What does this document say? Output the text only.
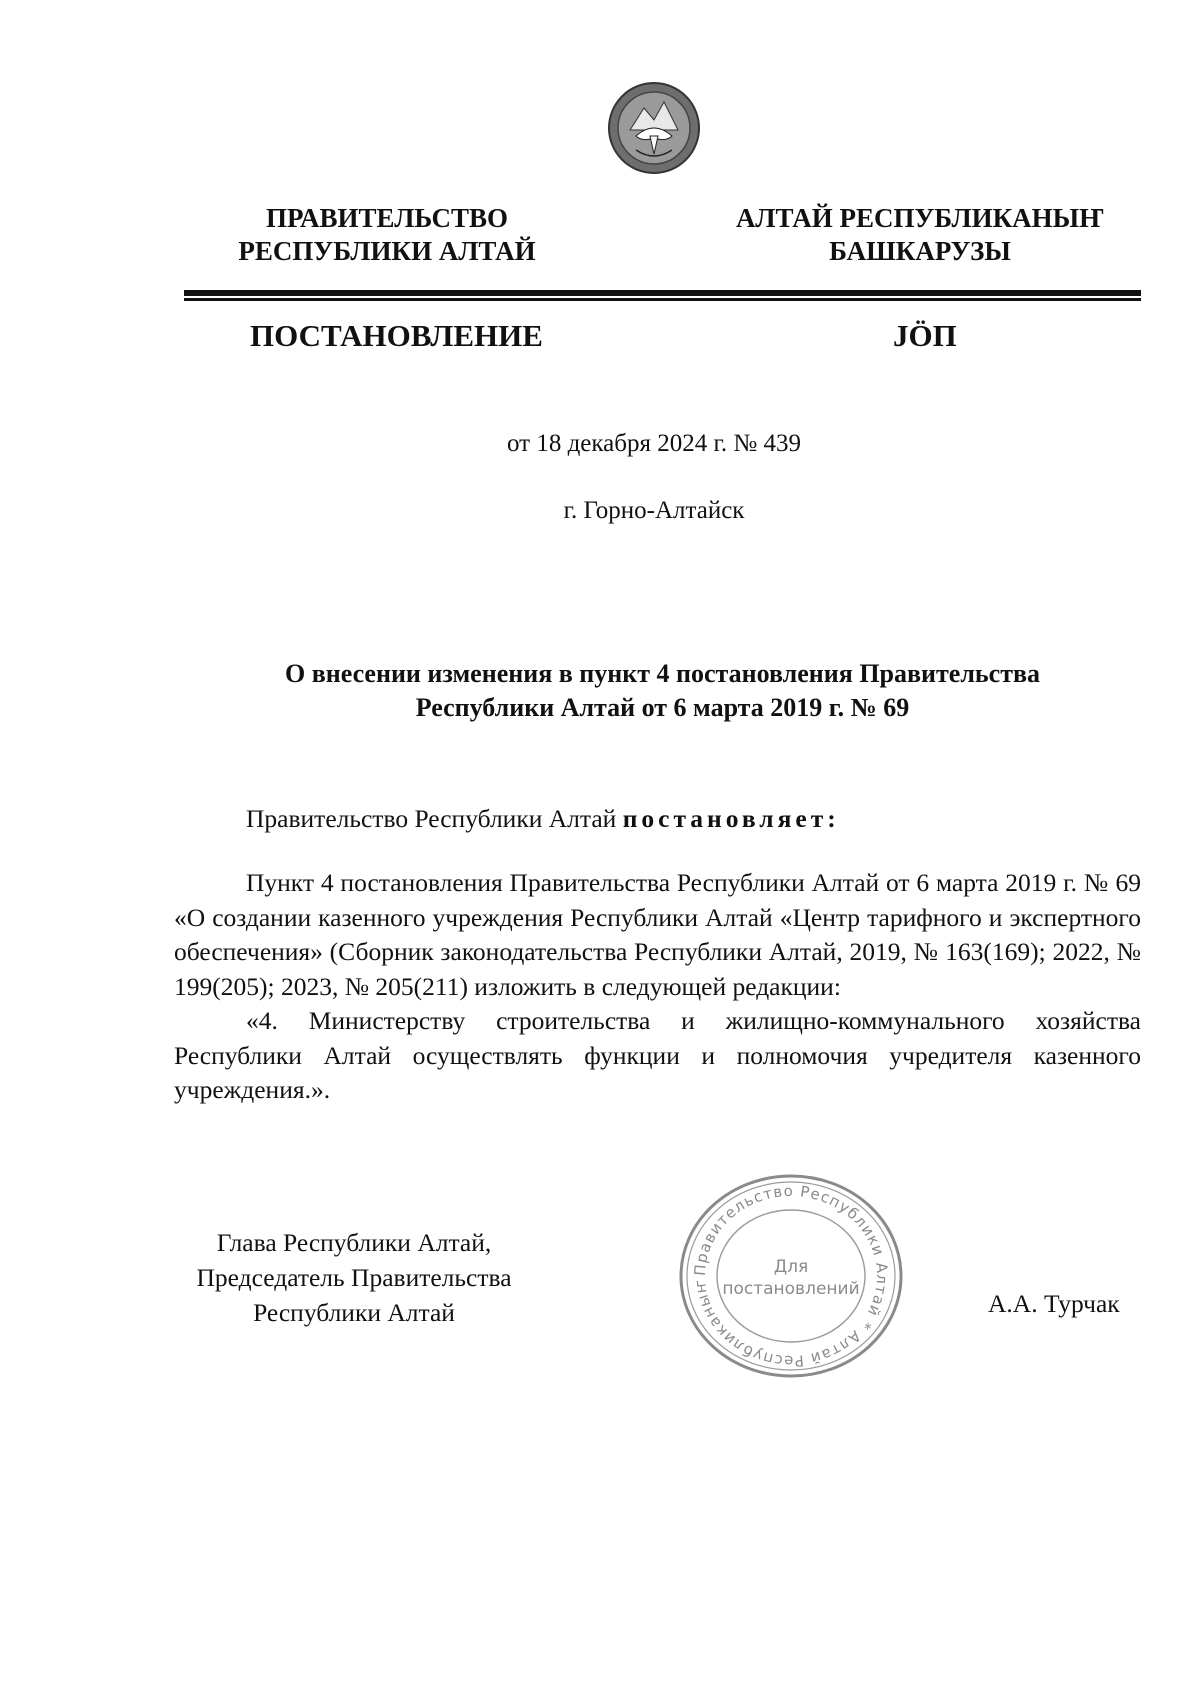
ПРАВИТЕЛЬСТВО
РЕСПУБЛИКИ АЛТАЙ
АЛТАЙ РЕСПУБЛИКАНЫҤ
БАШКАРУЗЫ
ПОСТАНОВЛЕНИЕ	JӦП
от 18 декабря 2024 г. № 439
г. Горно-Алтайск
О внесении изменения в пункт 4 постановления Правительства
Республики Алтай от 6 марта 2019 г. № 69
Правительство Республики Алтай постановляет:

Пункт 4 постановления Правительства Республики Алтай от 6 марта 2019 г. № 69 «О создании казенного учреждения Республики Алтай «Центр тарифного и экспертного обеспечения» (Сборник законодательства Республики Алтай, 2019, № 163(169); 2022, № 199(205); 2023, № 205(211) изложить в следующей редакции:

«4. Министерству строительства и жилищно-коммунального хозяйства Республики Алтай осуществлять функции и полномочия учредителя казенного учреждения.».

Глава Республики Алтай,
Председатель Правительства
Республики Алтай
Правительство Республики Алтай * Алтай Республиканыҥ
Для
постановлений	А.А. Турчак
